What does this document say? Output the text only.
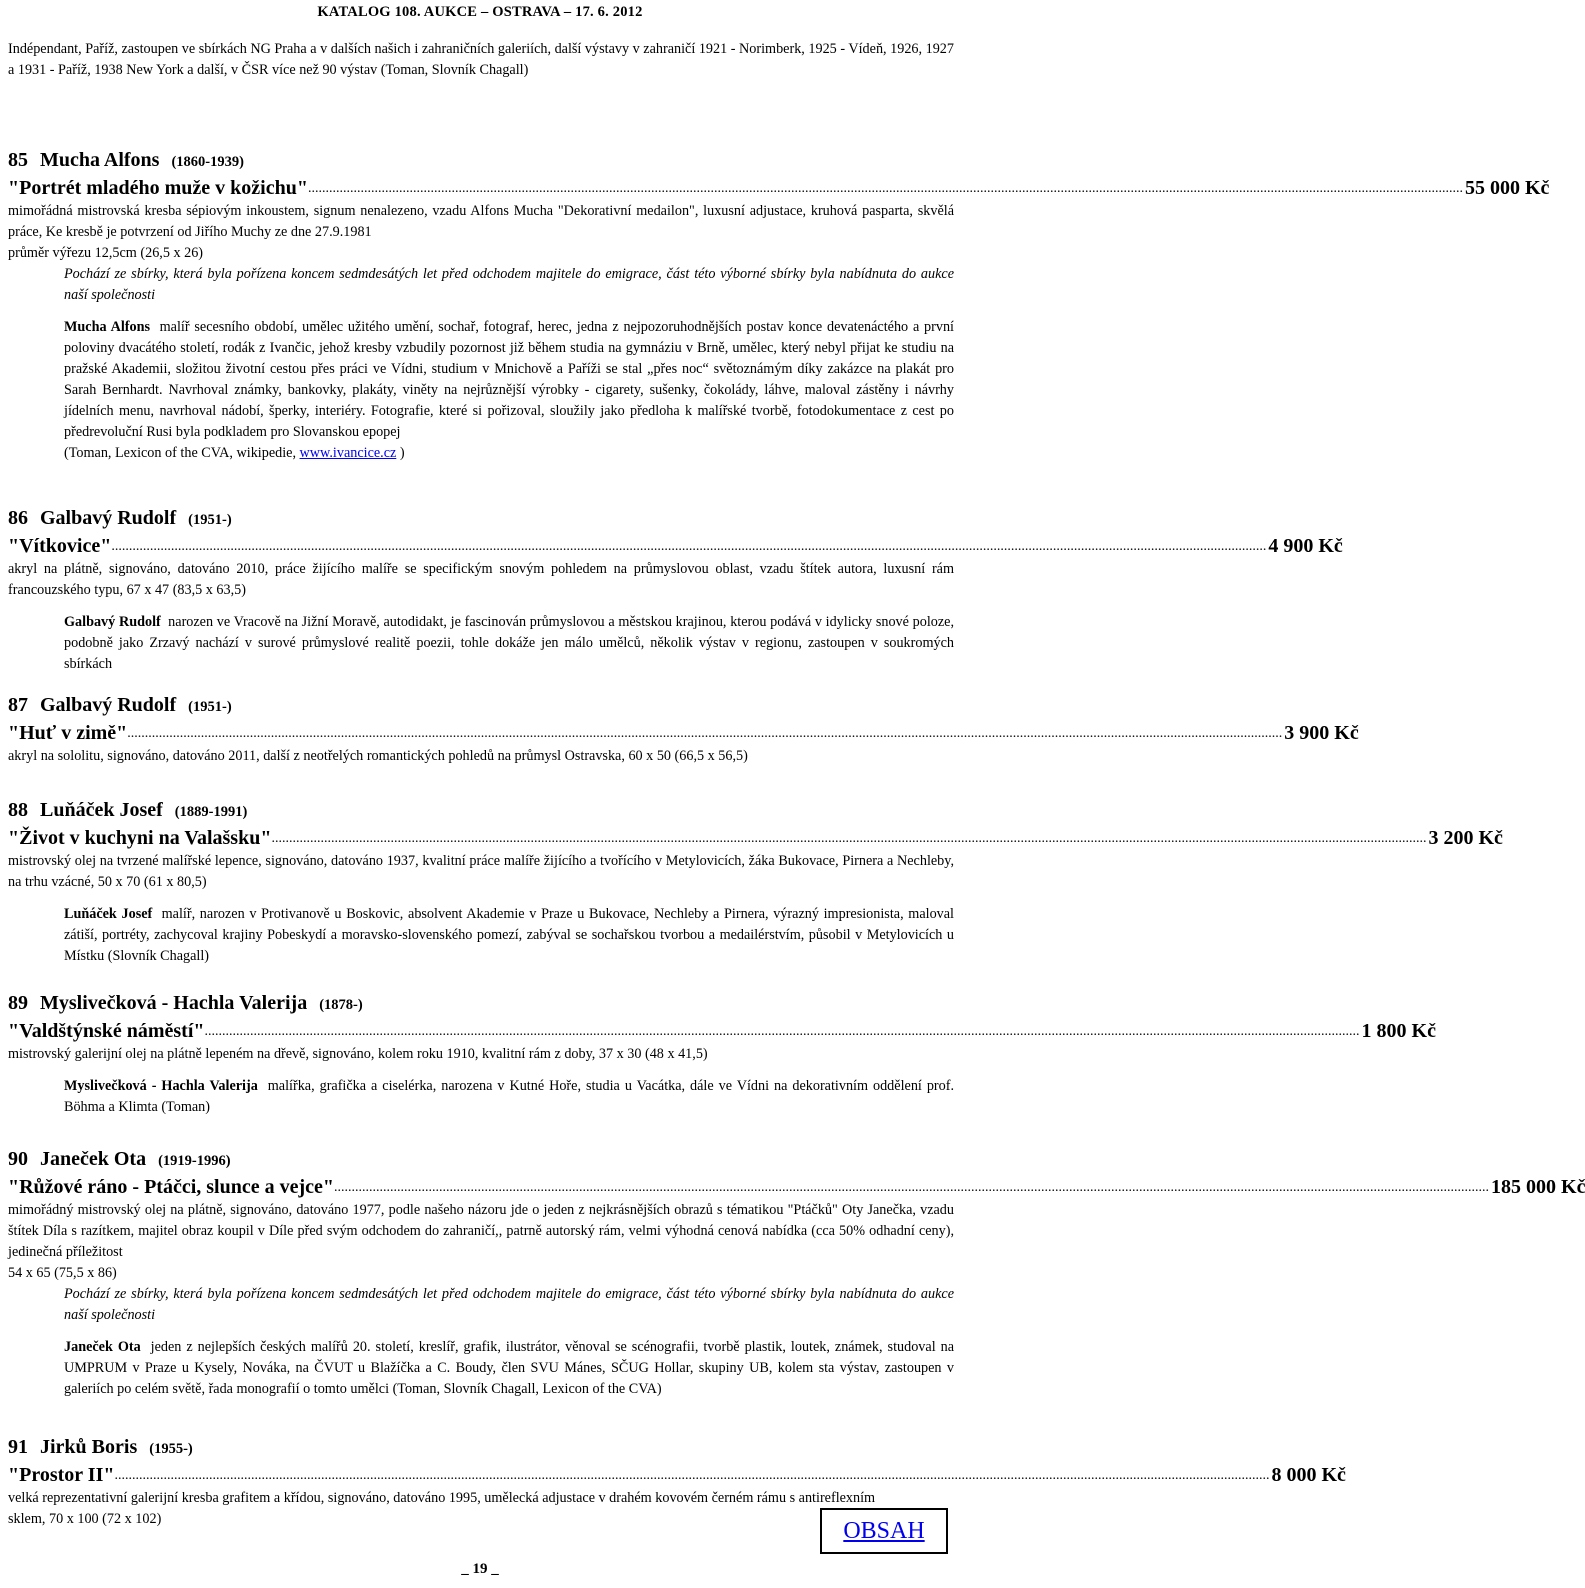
KATALOG 108. AUKCE – OSTRAVA – 17. 6. 2012
Indépendant, Paříž, zastoupen ve sbírkách NG Praha a v dalších našich i zahraničních galeriích, další výstavy v zahraničí 1921 - Norimberk, 1925 - Vídeň, 1926, 1927 a 1931 - Paříž, 1938 New York a další, v ČSR více než 90 výstav (Toman, Slovník Chagall)
85 Mucha Alfons (1860-1939)
"Portrét mladého muže v kožichu" .......................................................................................................................................................................................................................................................................................................................................... 55 000 Kč
mimořádná mistrovská kresba sépiovým inkoustem, signum nenalezeno, vzadu Alfons Mucha "Dekorativní medailon", luxusní adjustace, kruhová pasparta, skvělá práce, Ke kresbě je potvrzení od Jiřího Muchy ze dne 27.9.1981
průměr výřezu 12,5cm (26,5 x 26)
Pochází ze sbírky, která byla pořízena koncem sedmdesátých let před odchodem majitele do emigrace, část této výborné sbírky byla nabídnuta do aukce naší společnosti
Mucha Alfons malíř secesního období, umělec užitého umění, sochař, fotograf, herec, jedna z nejpozoruhodnějších postav konce devatenáctého a první poloviny dvacátého století, rodák z Ivančic, jehož kresby vzbudily pozornost již během studia na gymnáziu v Brně, umělec, který nebyl přijat ke studiu na pražské Akademii, složitou životní cestou přes práci ve Vídni, studium v Mnichově a Paříži se stal „přes noc“ světoznámým díky zakázce na plakát pro Sarah Bernhardt. Navrhoval známky, bankovky, plakáty, viněty na nejrůznější výrobky - cigarety, sušenky, čokolády, láhve, maloval zástěny i návrhy jídelních menu, navrhoval nádobí, šperky, interiéry. Fotografie, které si pořizoval, sloužily jako předloha k malířské tvorbě, fotodokumentace z cest po předrevoluční Rusi byla podkladem pro Slovanskou epopej
(Toman, Lexicon of the CVA, wikipedie, www.ivancice.cz )
86 Galbavý Rudolf (1951-)
"Vítkovice" .......................................................................................................................................................................................................................................................................................................................................... 4 900 Kč
akryl na plátně, signováno, datováno 2010, práce žijícího malíře se specifickým snovým pohledem na průmyslovou oblast, vzadu štítek autora, luxusní rám francouzského typu, 67 x 47 (83,5 x 63,5)
Galbavý Rudolf narozen ve Vracově na Jižní Moravě, autodidakt, je fascinován průmyslovou a městskou krajinou, kterou podává v idylicky snové poloze, podobně jako Zrzavý nachází v surové průmyslové realitě poezii, tohle dokáže jen málo umělců, několik výstav v regionu, zastoupen v soukromých sbírkách
87 Galbavý Rudolf (1951-)
"Huť v zimě" .......................................................................................................................................................................................................................................................................................................................................... 3 900 Kč
akryl na sololitu, signováno, datováno 2011, další z neotřelých romantických pohledů na průmysl Ostravska, 60 x 50 (66,5 x 56,5)
88 Luňáček Josef (1889-1991)
"Život v kuchyni na Valašsku" .......................................................................................................................................................................................................................................................................................................................................... 3 200 Kč
mistrovský olej na tvrzené malířské lepence, signováno, datováno 1937, kvalitní práce malíře žijícího a tvořícího v Metylovicích, žáka Bukovace, Pirnera a Nechleby, na trhu vzácné, 50 x 70 (61 x 80,5)
Luňáček Josef malíř, narozen v Protivanově u Boskovic, absolvent Akademie v Praze u Bukovace, Nechleby a Pirnera, výrazný impresionista, maloval zátiší, portréty, zachycoval krajiny Pobeskydí a moravsko-slovenského pomezí, zabýval se sochařskou tvorbou a medailérstvím, působil v Metylovicích u Místku (Slovník Chagall)
89 Myslivečková - Hachla Valerija (1878-)
"Valdštýnské náměstí" .......................................................................................................................................................................................................................................................................................................................................... 1 800 Kč
mistrovský galerijní olej na plátně lepeném na dřevě, signováno, kolem roku 1910, kvalitní rám z doby, 37 x 30 (48 x 41,5)
Myslivečková - Hachla Valerija malířka, grafička a ciselérka, narozena v Kutné Hoře, studia u Vacátka, dále ve Vídni na dekorativním oddělení prof. Böhma a Klimta (Toman)
90 Janeček Ota (1919-1996)
"Růžové ráno - Ptáčci, slunce a vejce" .......................................................................................................................................................................................................................................................................................................................................... 185 000 Kč
mimořádný mistrovský olej na plátně, signováno, datováno 1977, podle našeho názoru jde o jeden z nejkrásnějších obrazů s tématikou "Ptáčků" Oty Janečka, vzadu štítek Díla s razítkem, majitel obraz koupil v Díle před svým odchodem do zahraničí,, patrně autorský rám, velmi výhodná cenová nabídka (cca 50% odhadní ceny), jedinečná příležitost
54 x 65 (75,5 x 86)
Pochází ze sbírky, která byla pořízena koncem sedmdesátých let před odchodem majitele do emigrace, část této výborné sbírky byla nabídnuta do aukce naší společnosti
Janeček Ota jeden z nejlepších českých malířů 20. století, kreslíř, grafik, ilustrátor, věnoval se scénografii, tvorbě plastik, loutek, známek, studoval na UMPRUM v Praze u Kysely, Nováka, na ČVUT u Blažíčka a C. Boudy, člen SVU Mánes, SČUG Hollar, skupiny UB, kolem sta výstav, zastoupen v galeriích po celém světě, řada monografií o tomto umělci (Toman, Slovník Chagall, Lexicon of the CVA)
91 Jirků Boris (1955-)
"Prostor II" .......................................................................................................................................................................................................................................................................................................................................... 8 000 Kč
velká reprezentativní galerijní kresba grafitem a křídou, signováno, datováno 1995, umělecká adjustace v drahém kovovém černém rámu s antireflexním sklem, 70 x 100 (72 x 102)	OBSAH
_ 19 _
